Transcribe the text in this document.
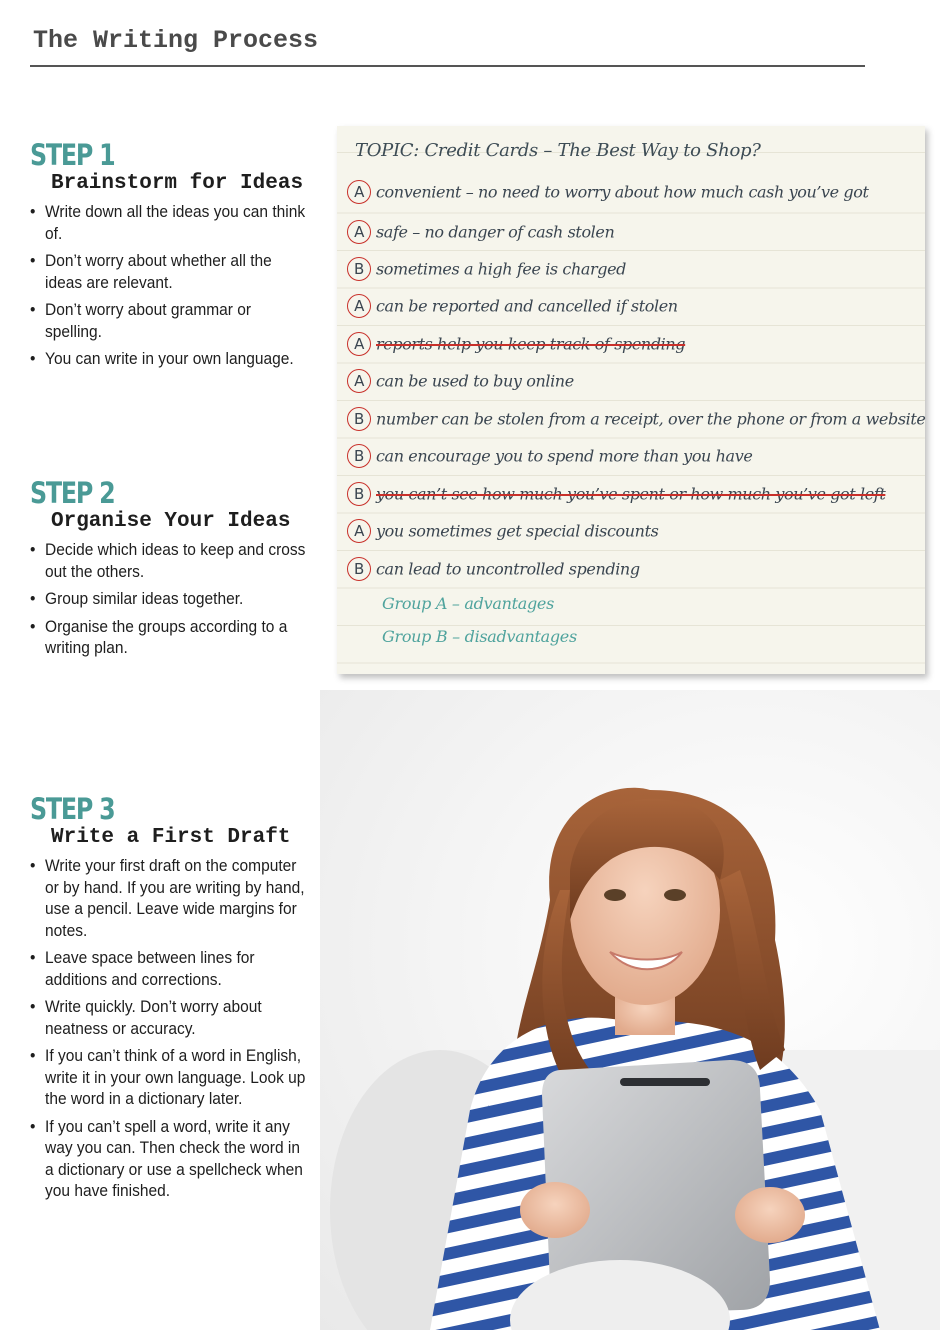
The Writing Process
STEP 1
Brainstorm for Ideas
• Write down all the ideas you can think of.
• Don’t worry about whether all the ideas are relevant.
• Don’t worry about grammar or spelling.
• You can write in your own language.
STEP 2
Organise Your Ideas
• Decide which ideas to keep and cross out the others.
• Group similar ideas together.
• Organise the groups according to a writing plan.
STEP 3
Write a First Draft
• Write your first draft on the computer or by hand. If you are writing by hand, use a pencil. Leave wide margins for notes.
• Leave space between lines for additions and corrections.
• Write quickly. Don’t worry about neatness or accuracy.
• If you can’t think of a word in English, write it in your own language. Look up the word in a dictionary later.
• If you can’t spell a word, write it any way you can. Then check the word in a dictionary or use a spellcheck when you have finished.
TOPIC: Credit Cards – The Best Way to Shop?
A convenient – no need to worry about how much cash you’ve got
A safe – no danger of cash stolen
B sometimes a high fee is charged
A can be reported and cancelled if stolen
A reports help you keep track of spending
A can be used to buy online
B number can be stolen from a receipt, over the phone or from a website
B can encourage you to spend more than you have
B you can’t see how much you’ve spent or how much you’ve got left
A you sometimes get special discounts
B can lead to uncontrolled spending
Group A – advantages
Group B – disadvantages
